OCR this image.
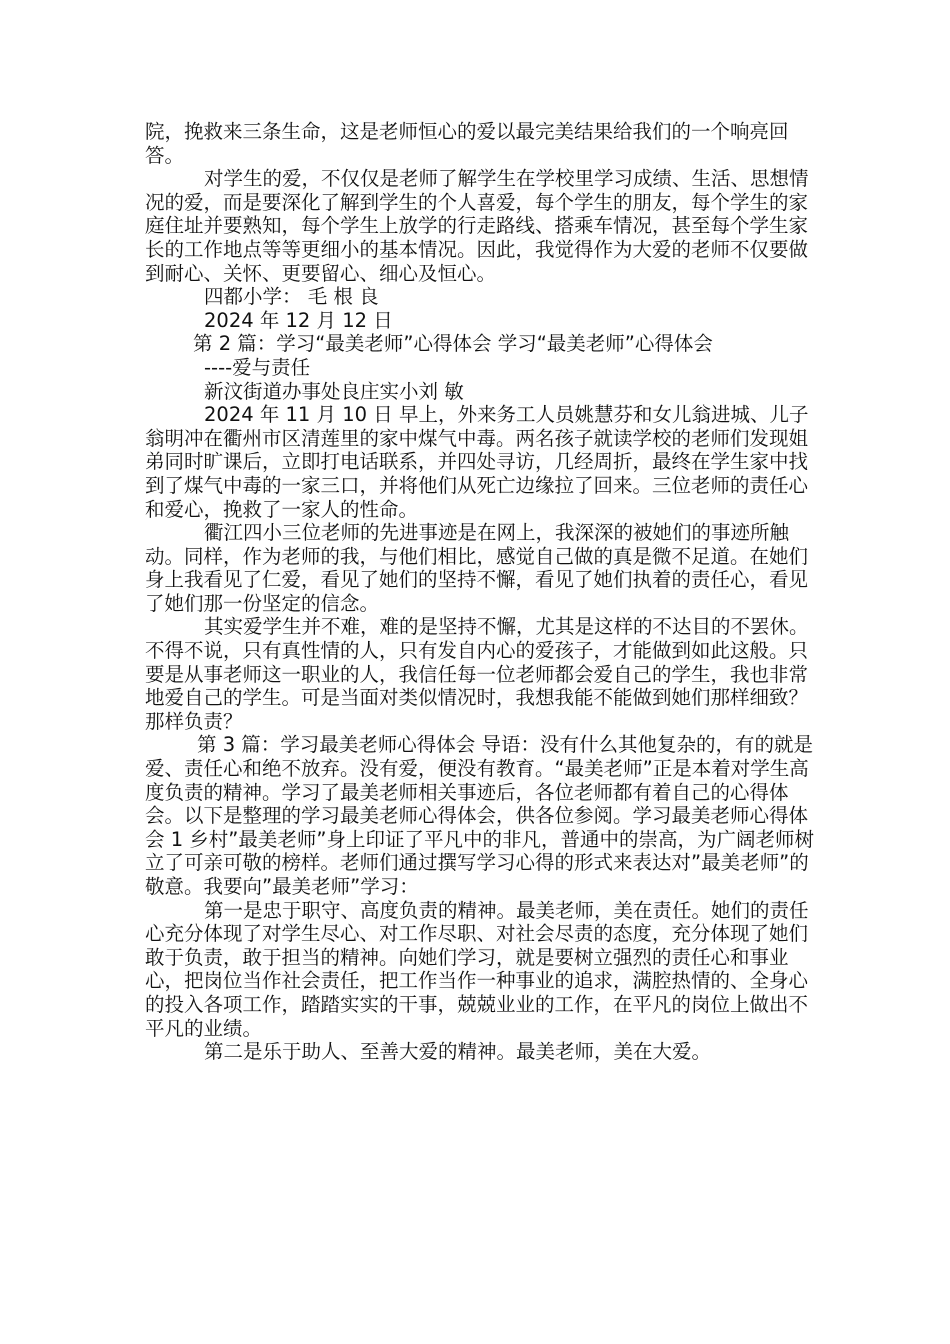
院，挽救来三条生命，这是老师恒心的爱以最完美结果给我们的一个响亮回答。

对学生的爱，不仅仅是老师了解学生在学校里学习成绩、生活、思想情况的爱，而是要深化了解到学生的个人喜爱，每个学生的朋友，每个学生的家庭住址并要熟知，每个学生上放学的行走路线、搭乘车情况，甚至每个学生家长的工作地点等等更细小的基本情况。因此，我觉得作为大爱的老师不仅要做到耐心、关怀、更要留心、细心及恒心。

四都小学： 毛 根 良

2024 年 12 月 12 日

第 2 篇：学习“最美老师”心得体会 学习“最美老师”心得体会

----爱与责任

新汶街道办事处良庄实小刘 敏

2024 年 11 月 10 日 早上，外来务工人员姚慧芬和女儿翁进城、儿子翁明冲在衢州市区清莲里的家中煤气中毒。两名孩子就读学校的老师们发现姐弟同时旷课后，立即打电话联系，并四处寻访，几经周折，最终在学生家中找到了煤气中毒的一家三口，并将他们从死亡边缘拉了回来。三位老师的责任心和爱心，挽救了一家人的性命。

衢江四小三位老师的先进事迹是在网上，我深深的被她们的事迹所触动。同样，作为老师的我，与他们相比，感觉自己做的真是微不足道。在她们身上我看见了仁爱，看见了她们的坚持不懈，看见了她们执着的责任心，看见了她们那一份坚定的信念。

其实爱学生并不难，难的是坚持不懈，尤其是这样的不达目的不罢休。不得不说，只有真性情的人，只有发自内心的爱孩子，才能做到如此这般。只要是从事老师这一职业的人，我信任每一位老师都会爱自己的学生，我也非常地爱自己的学生。可是当面对类似情况时，我想我能不能做到她们那样细致？那样负责？

第 3 篇：学习最美老师心得体会 导语：没有什么其他复杂的，有的就是爱、责任心和绝不放弃。没有爱，便没有教育。“最美老师”正是本着对学生高度负责的精神。学习了最美老师相关事迹后，各位老师都有着自己的心得体会。以下是整理的学习最美老师心得体会，供各位参阅。学习最美老师心得体会 1 乡村”最美老师”身上印证了平凡中的非凡，普通中的崇高，为广阔老师树立了可亲可敬的榜样。老师们通过撰写学习心得的形式来表达对”最美老师”的敬意。我要向”最美老师”学习：

第一是忠于职守、高度负责的精神。最美老师，美在责任。她们的责任心充分体现了对学生尽心、对工作尽职、对社会尽责的态度，充分体现了她们敢于负责，敢于担当的精神。向她们学习，就是要树立强烈的责任心和事业心，把岗位当作社会责任，把工作当作一种事业的追求，满腔热情的、全身心的投入各项工作，踏踏实实的干事，兢兢业业的工作，在平凡的岗位上做出不平凡的业绩。

第二是乐于助人、至善大爱的精神。最美老师，美在大爱。
